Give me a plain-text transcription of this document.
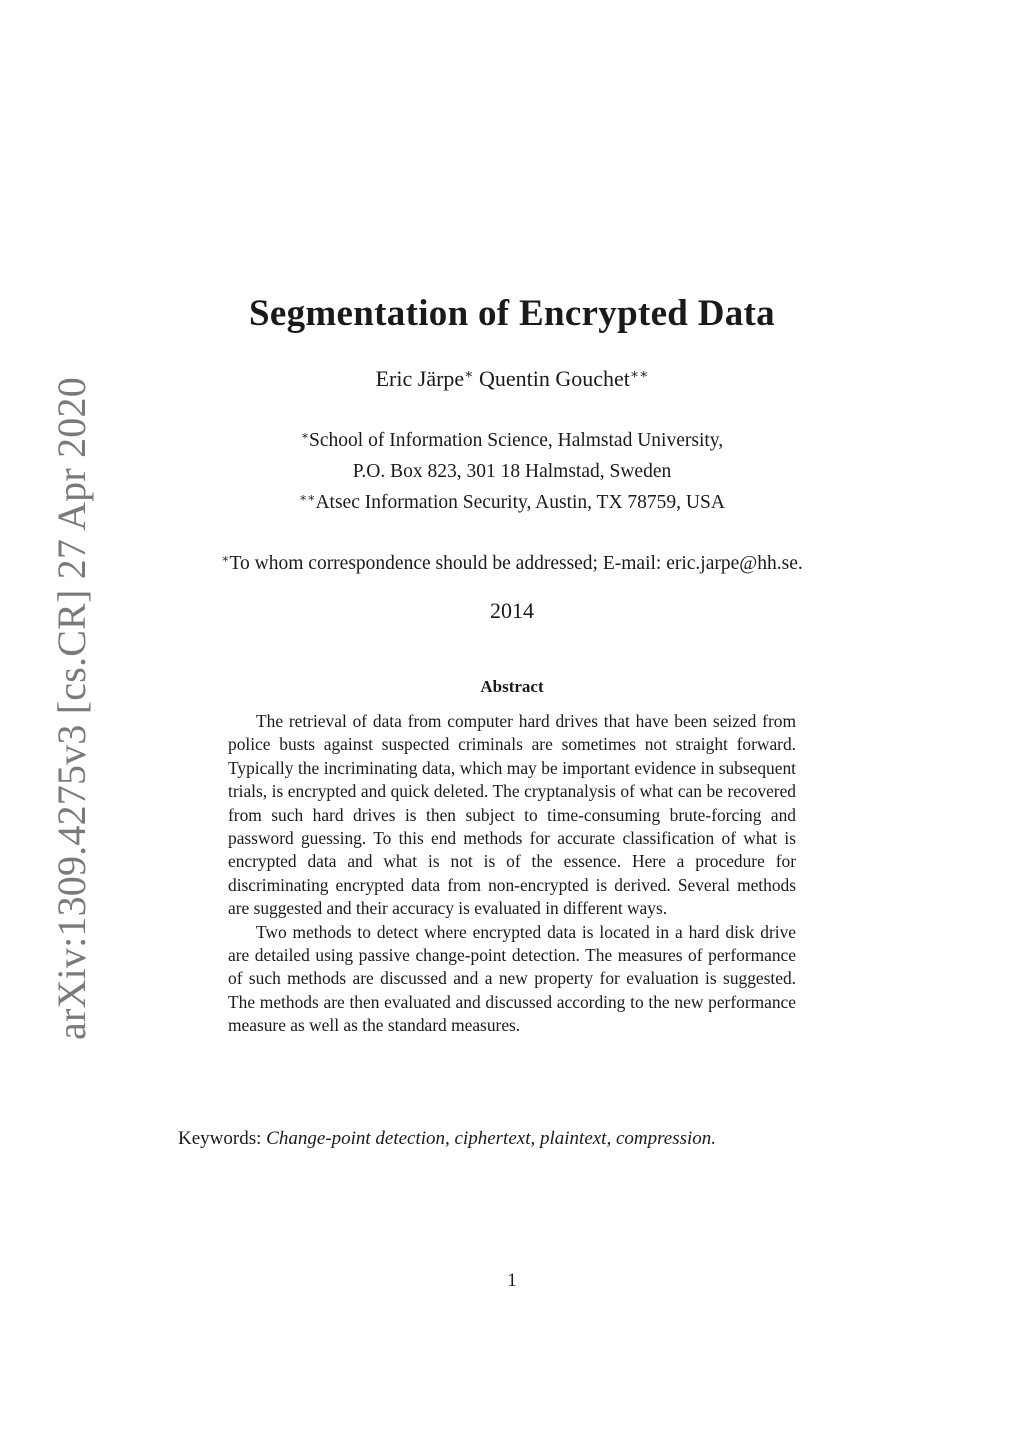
arXiv:1309.4275v3 [cs.CR] 27 Apr 2020
Segmentation of Encrypted Data
Eric Järpe∗ Quentin Gouchet∗∗
∗School of Information Science, Halmstad University,
P.O. Box 823, 301 18 Halmstad, Sweden
∗∗Atsec Information Security, Austin, TX 78759, USA
∗To whom correspondence should be addressed; E-mail: eric.jarpe@hh.se.
2014
Abstract

The retrieval of data from computer hard drives that have been seized from police busts against suspected criminals are sometimes not straight forward. Typically the incriminating data, which may be important evidence in subsequent trials, is encrypted and quick deleted. The cryptanalysis of what can be recovered from such hard drives is then subject to time-consuming brute-forcing and password guessing. To this end methods for accurate classification of what is encrypted data and what is not is of the essence. Here a procedure for discriminating encrypted data from non-encrypted is derived. Several methods are suggested and their accuracy is evaluated in different ways.

Two methods to detect where encrypted data is located in a hard disk drive are detailed using passive change-point detection. The measures of performance of such methods are discussed and a new property for evaluation is suggested. The methods are then evaluated and discussed according to the new performance measure as well as the standard measures.

Keywords: Change-point detection, ciphertext, plaintext, compression.
1
